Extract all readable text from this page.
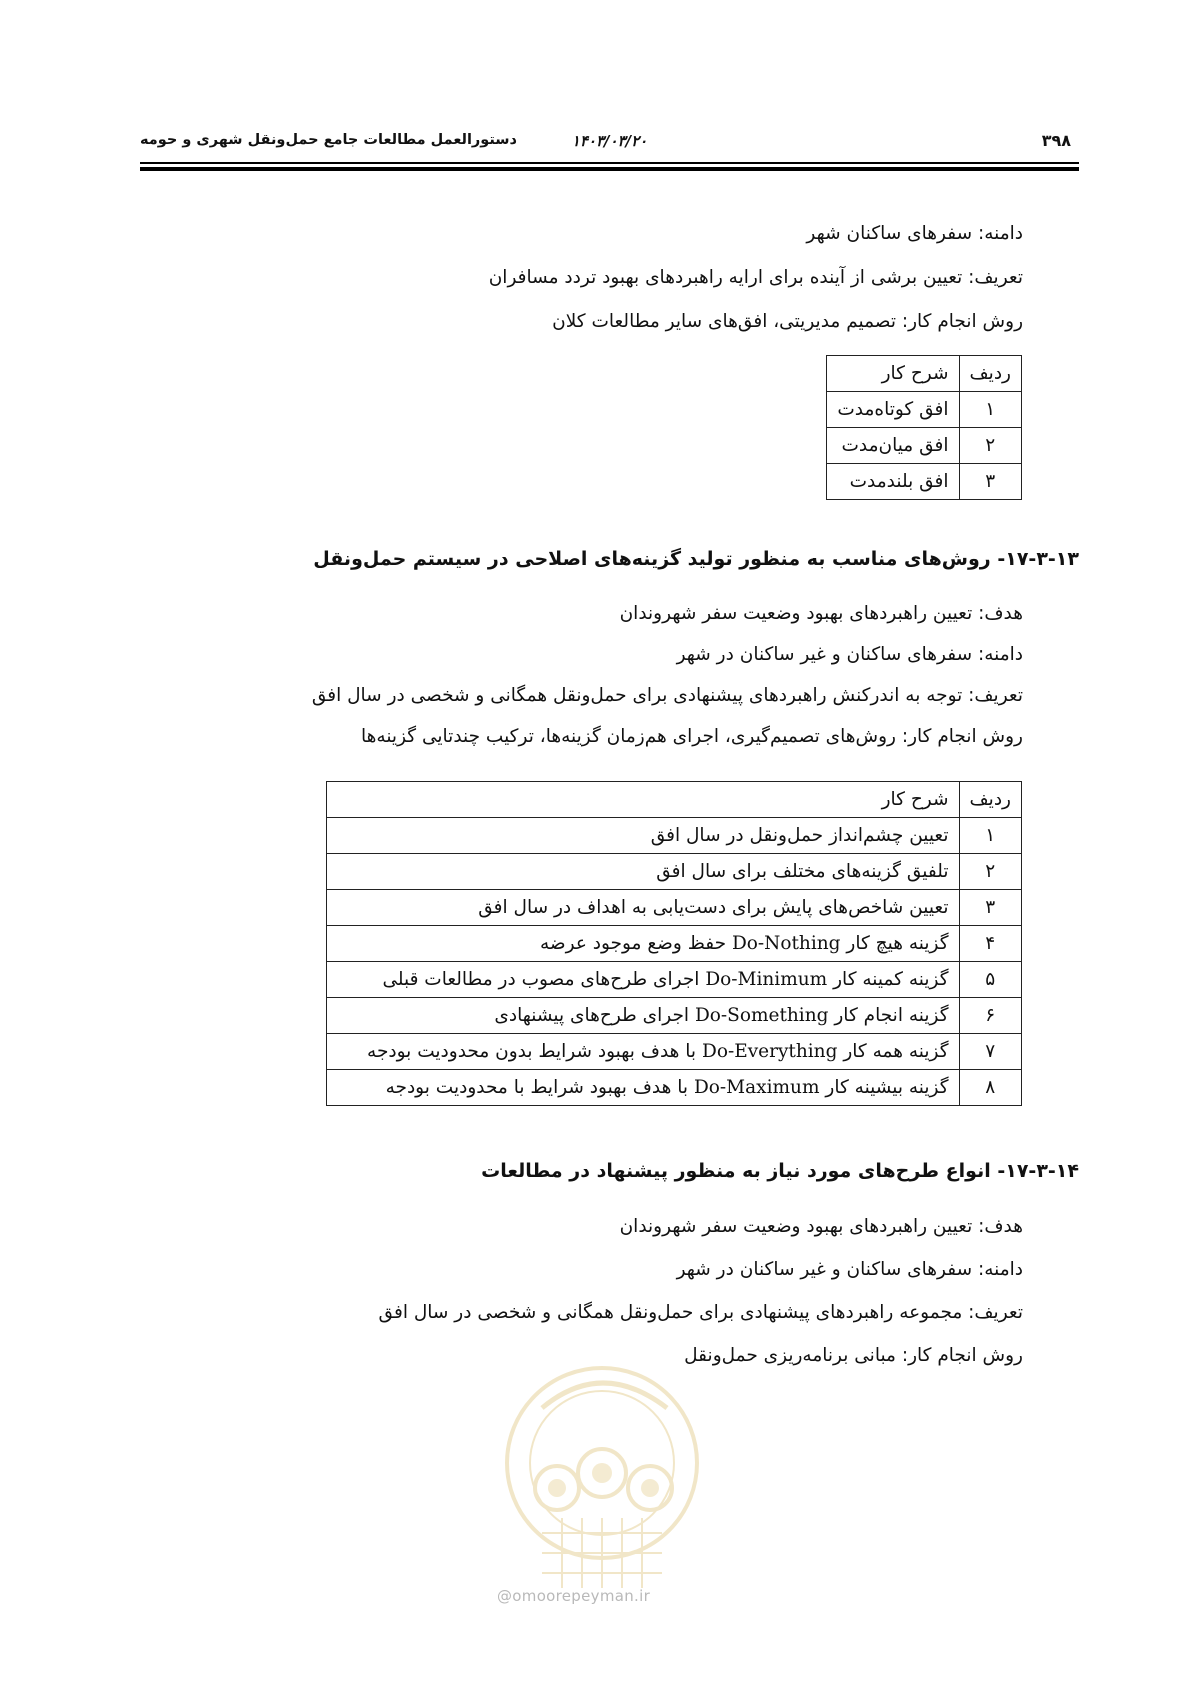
دستورالعمل مطالعات جامع حمل‌ونقل شهری و حومه	۱۴۰۳/۰۳/۲۰	۳۹۸

دامنه: سفرهای ساکنان شهر

تعریف: تعیین برشی از آینده برای ارایه راهبردهای بهبود تردد مسافران

روش انجام کار: تصمیم مدیریتی، افق‌های سایر مطالعات کلان

ردیف	شرح کار
۱	افق کوتاه‌مدت
۲	افق میان‌مدت
۳	افق بلندمدت
۱۷-۳-۱۳- روش‌های مناسب به منظور تولید گزینه‌های اصلاحی در سیستم حمل‌ونقل

هدف: تعیین راهبردهای بهبود وضعیت سفر شهروندان

دامنه: سفرهای ساکنان و غیر ساکنان در شهر

تعریف: توجه به اندرکنش راهبردهای پیشنهادی برای حمل‌ونقل همگانی و شخصی در سال افق

روش انجام کار: روش‌های تصمیم‌گیری، اجرای هم‌زمان گزینه‌ها، ترکیب چندتایی گزینه‌ها

ردیف	شرح کار
۱	تعیین چشم‌انداز حمل‌ونقل در سال افق
۲	تلفیق گزینه‌های مختلف برای سال افق
۳	تعیین شاخص‌های پایش برای دست‌یابی به اهداف در سال افق
۴	گزینه هیچ کار Do-Nothing حفظ وضع موجود عرضه
۵	گزینه کمینه کار Do-Minimum اجرای طرح‌های مصوب در مطالعات قبلی
۶	گزینه انجام کار Do-Something اجرای طرح‌های پیشنهادی
۷	گزینه همه کار Do-Everything با هدف بهبود شرایط بدون محدودیت بودجه
۸	گزینه بیشینه کار Do-Maximum با هدف بهبود شرایط با محدودیت بودجه
۱۷-۳-۱۴- انواع طرح‌های مورد نیاز به منظور پیشنهاد در مطالعات

هدف: تعیین راهبردهای بهبود وضعیت سفر شهروندان

دامنه: سفرهای ساکنان و غیر ساکنان در شهر

تعریف: مجموعه راهبردهای پیشنهادی برای حمل‌ونقل همگانی و شخصی در سال افق

روش انجام کار: مبانی برنامه‌ریزی حمل‌ونقل

@omoorepeyman.ir
